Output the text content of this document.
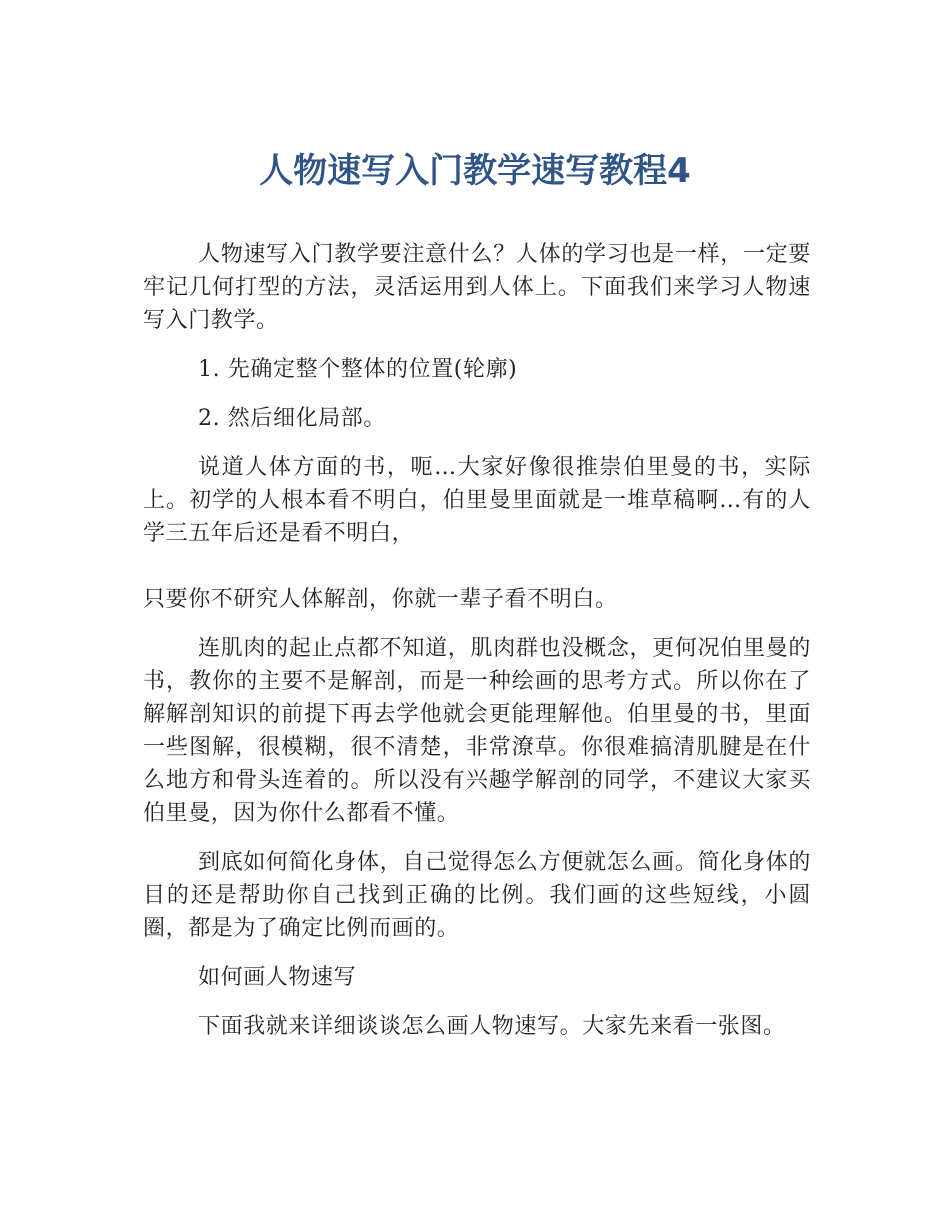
人物速写入门教学速写教程4

人物速写入门教学要注意什么？人体的学习也是一样，一定要牢记几何打型的方法，灵活运用到人体上。下面我们来学习人物速写入门教学。

1. 先确定整个整体的位置(轮廓)

2. 然后细化局部。

说道人体方面的书，呃…大家好像很推崇伯里曼的书，实际上。初学的人根本看不明白，伯里曼里面就是一堆草稿啊…有的人学三五年后还是看不明白，

只要你不研究人体解剖，你就一辈子看不明白。

连肌肉的起止点都不知道，肌肉群也没概念，更何况伯里曼的书，教你的主要不是解剖，而是一种绘画的思考方式。所以你在了解解剖知识的前提下再去学他就会更能理解他。伯里曼的书，里面一些图解，很模糊，很不清楚，非常潦草。你很难搞清肌腱是在什么地方和骨头连着的。所以没有兴趣学解剖的同学，不建议大家买伯里曼，因为你什么都看不懂。

到底如何简化身体，自己觉得怎么方便就怎么画。简化身体的目的还是帮助你自己找到正确的比例。我们画的这些短线，小圆圈，都是为了确定比例而画的。

如何画人物速写

下面我就来详细谈谈怎么画人物速写。大家先来看一张图。
